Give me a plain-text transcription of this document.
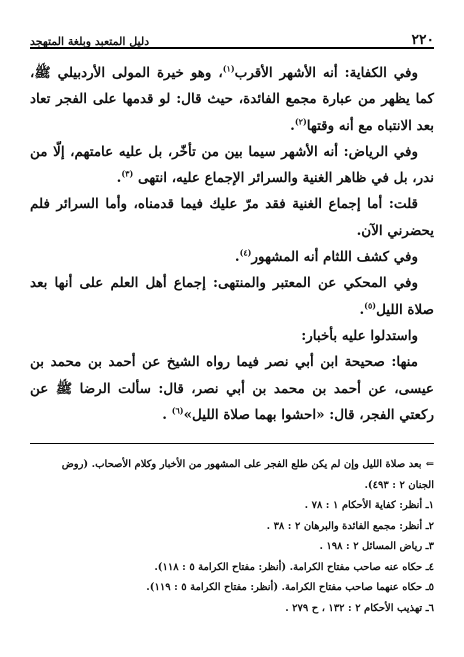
٢٢٠
دليل المتعبد وبلغة المتهجد

وفي الكفاية: أنه الأشهر الأقرب$^{(١)}$، وهو خيرة المولى الأردبيلي ﷺ، كما يظهر من عبارة مجمع الفائدة، حيث قال: لو قدمها على الفجر تعاد بعد الانتباه مع أنه وقتها$^{(٢)}$.

وفي الرياض: أنه الأشهر سيما بين من تأخّر، بل عليه عامتهم، إلّا من ندر، بل في ظاهر الغنية والسرائر الإجماع عليه، انتهى $^{(٣)}$.

قلت: أما إجماع الغنية فقد مرّ عليك فيما قدمناه، وأما السرائر فلم يحضرني الآن.

وفي كشف اللثام أنه المشهور$^{(٤)}$.

وفي المحكي عن المعتبر والمنتهى: إجماع أهل العلم على أنها بعد صلاة الليل$^{(٥)}$.

واستدلوا عليه بأخبار:

منها: صحيحة ابن أبي نصر فيما رواه الشيخ عن أحمد بن محمد بن عيسى، عن أحمد بن محمد بن أبي نصر، قال: سألت الرضا ﷺ عن ركعتي الفجر، قال: «احشوا بهما صلاة الليل»$^{(٦)}$ .

⇐بعد صلاة الليل وإن لم يكن طلع الفجر على المشهور من الأخبار وكلام الأصحاب. (روض الجنان ٢ : ٤٩٣).

١ـ أنظر: كفاية الأحكام ١ : ٧٨ .

٢ـ أنظر: مجمع الفائدة والبرهان ٢ : ٣٨ .

٣ـ رياض المسائل ٢ : ١٩٨ .

٤ـ حكاه عنه صاحب مفتاح الكرامة. (أنظر: مفتاح الكرامة ٥ : ١١٨).

٥ـ حكاه عنهما صاحب مفتاح الكرامة. (أنظر: مفتاح الكرامة ٥ : ١١٩).

٦ـ تهذيب الأحكام ٢ : ١٣٢ ، ح ٢٧٩ .
